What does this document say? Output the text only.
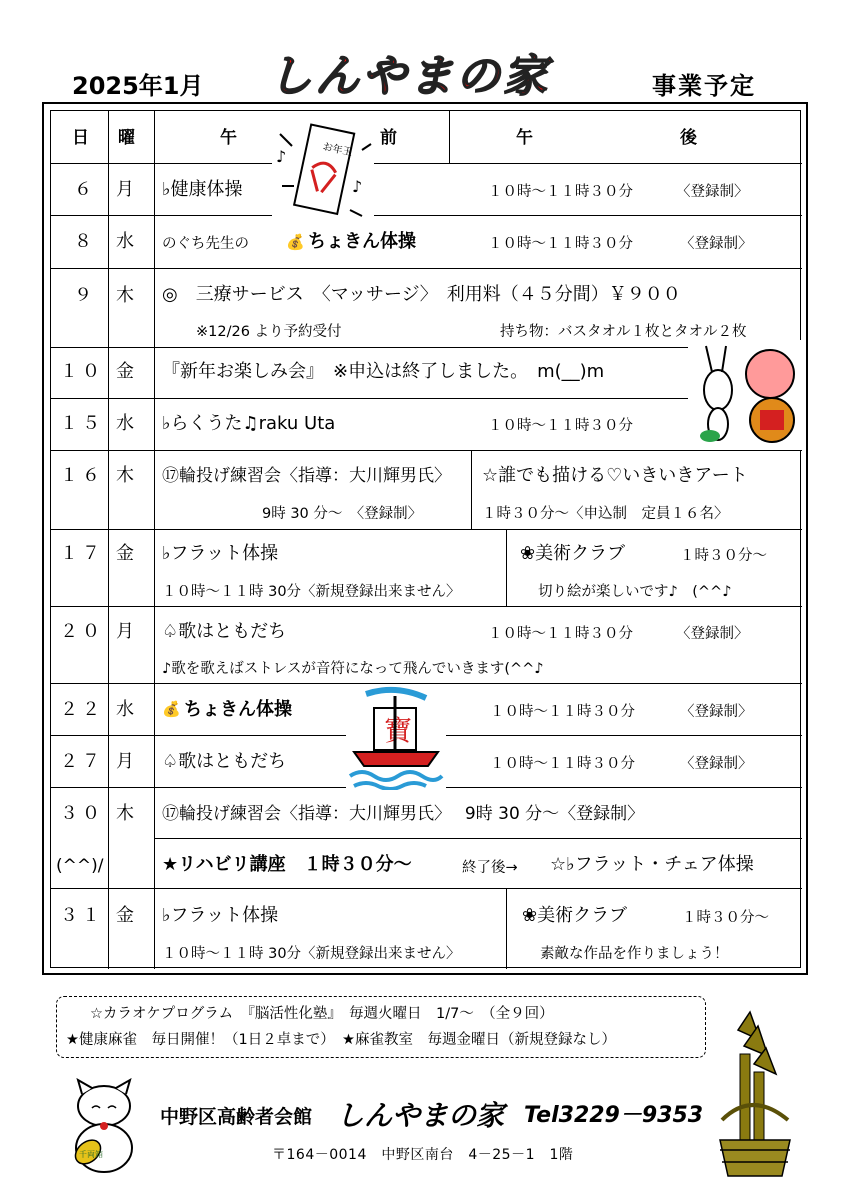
2025年1月 しんやまの家	事業予定
日 曜	午	前	午	後
６ 月 ♭健康体操	１０時～１１時３０分	〈登録制〉
８ 水 のぐち先生の 💰 ちょきん体操	１０時～１１時３０分	〈登録制〉
９ 木 ◎　三療サービス　〈マッサージ〉　利用料（４５分間）￥９００
※12/26 より予約受付	持ち物：バスタオル１枚とタオル２枚
１０ 金 『新年お楽しみ会』　※申込は終了しました。　m(__)m
１５ 水 ♭らくうた♫raku Uta	１０時～１１時３０分
１６ 木 ⑰輪投げ練習会〈指導：大川輝男氏〉
9時 30 分～　〈登録制〉
☆誰でも描ける♡いきいきアート
１時３０分～〈申込制　定員１６名〉
１７ 金 ♭フラット体操
１０時～１１時 30分〈新規登録出来ません〉
❀美術クラブ	１時３０分～
切り絵が楽しいです♪　(^^♪
２０ 月 ♤歌はともだち	１０時～１１時３０分	〈登録制〉
♪歌を歌えばストレスが音符になって飛んでいきます(^^♪
２２ 水 💰 ちょきん体操	１０時～１１時３０分	〈登録制〉
２７ 月 ♤歌はともだち	１０時～１１時３０分	〈登録制〉
３０ 木
(^^)/
⑰輪投げ練習会〈指導：大川輝男氏〉　 9時 30 分～〈登録制〉
★リハビリ講座　１時３０分～	終了後→ ☆♭フラット・チェア体操
３１ 金 ♭フラット体操
１０時～１１時 30分〈新規登録出来ません〉
❀美術クラブ	１時３０分～
素敵な作品を作りましょう！
お年玉
♪
♪
寶
☆カラオケプログラム　『脳活性化塾』　毎週火曜日　1/7～　（全９回）
★健康麻雀　毎日開催！（1日２卓まで）　★麻雀教室　毎週金曜日（新規登録なし）
千両箱
中野区高齢者会館 しんやまの家 Tel3229－9353
〒164－0014　中野区南台　4－25－1　1階
